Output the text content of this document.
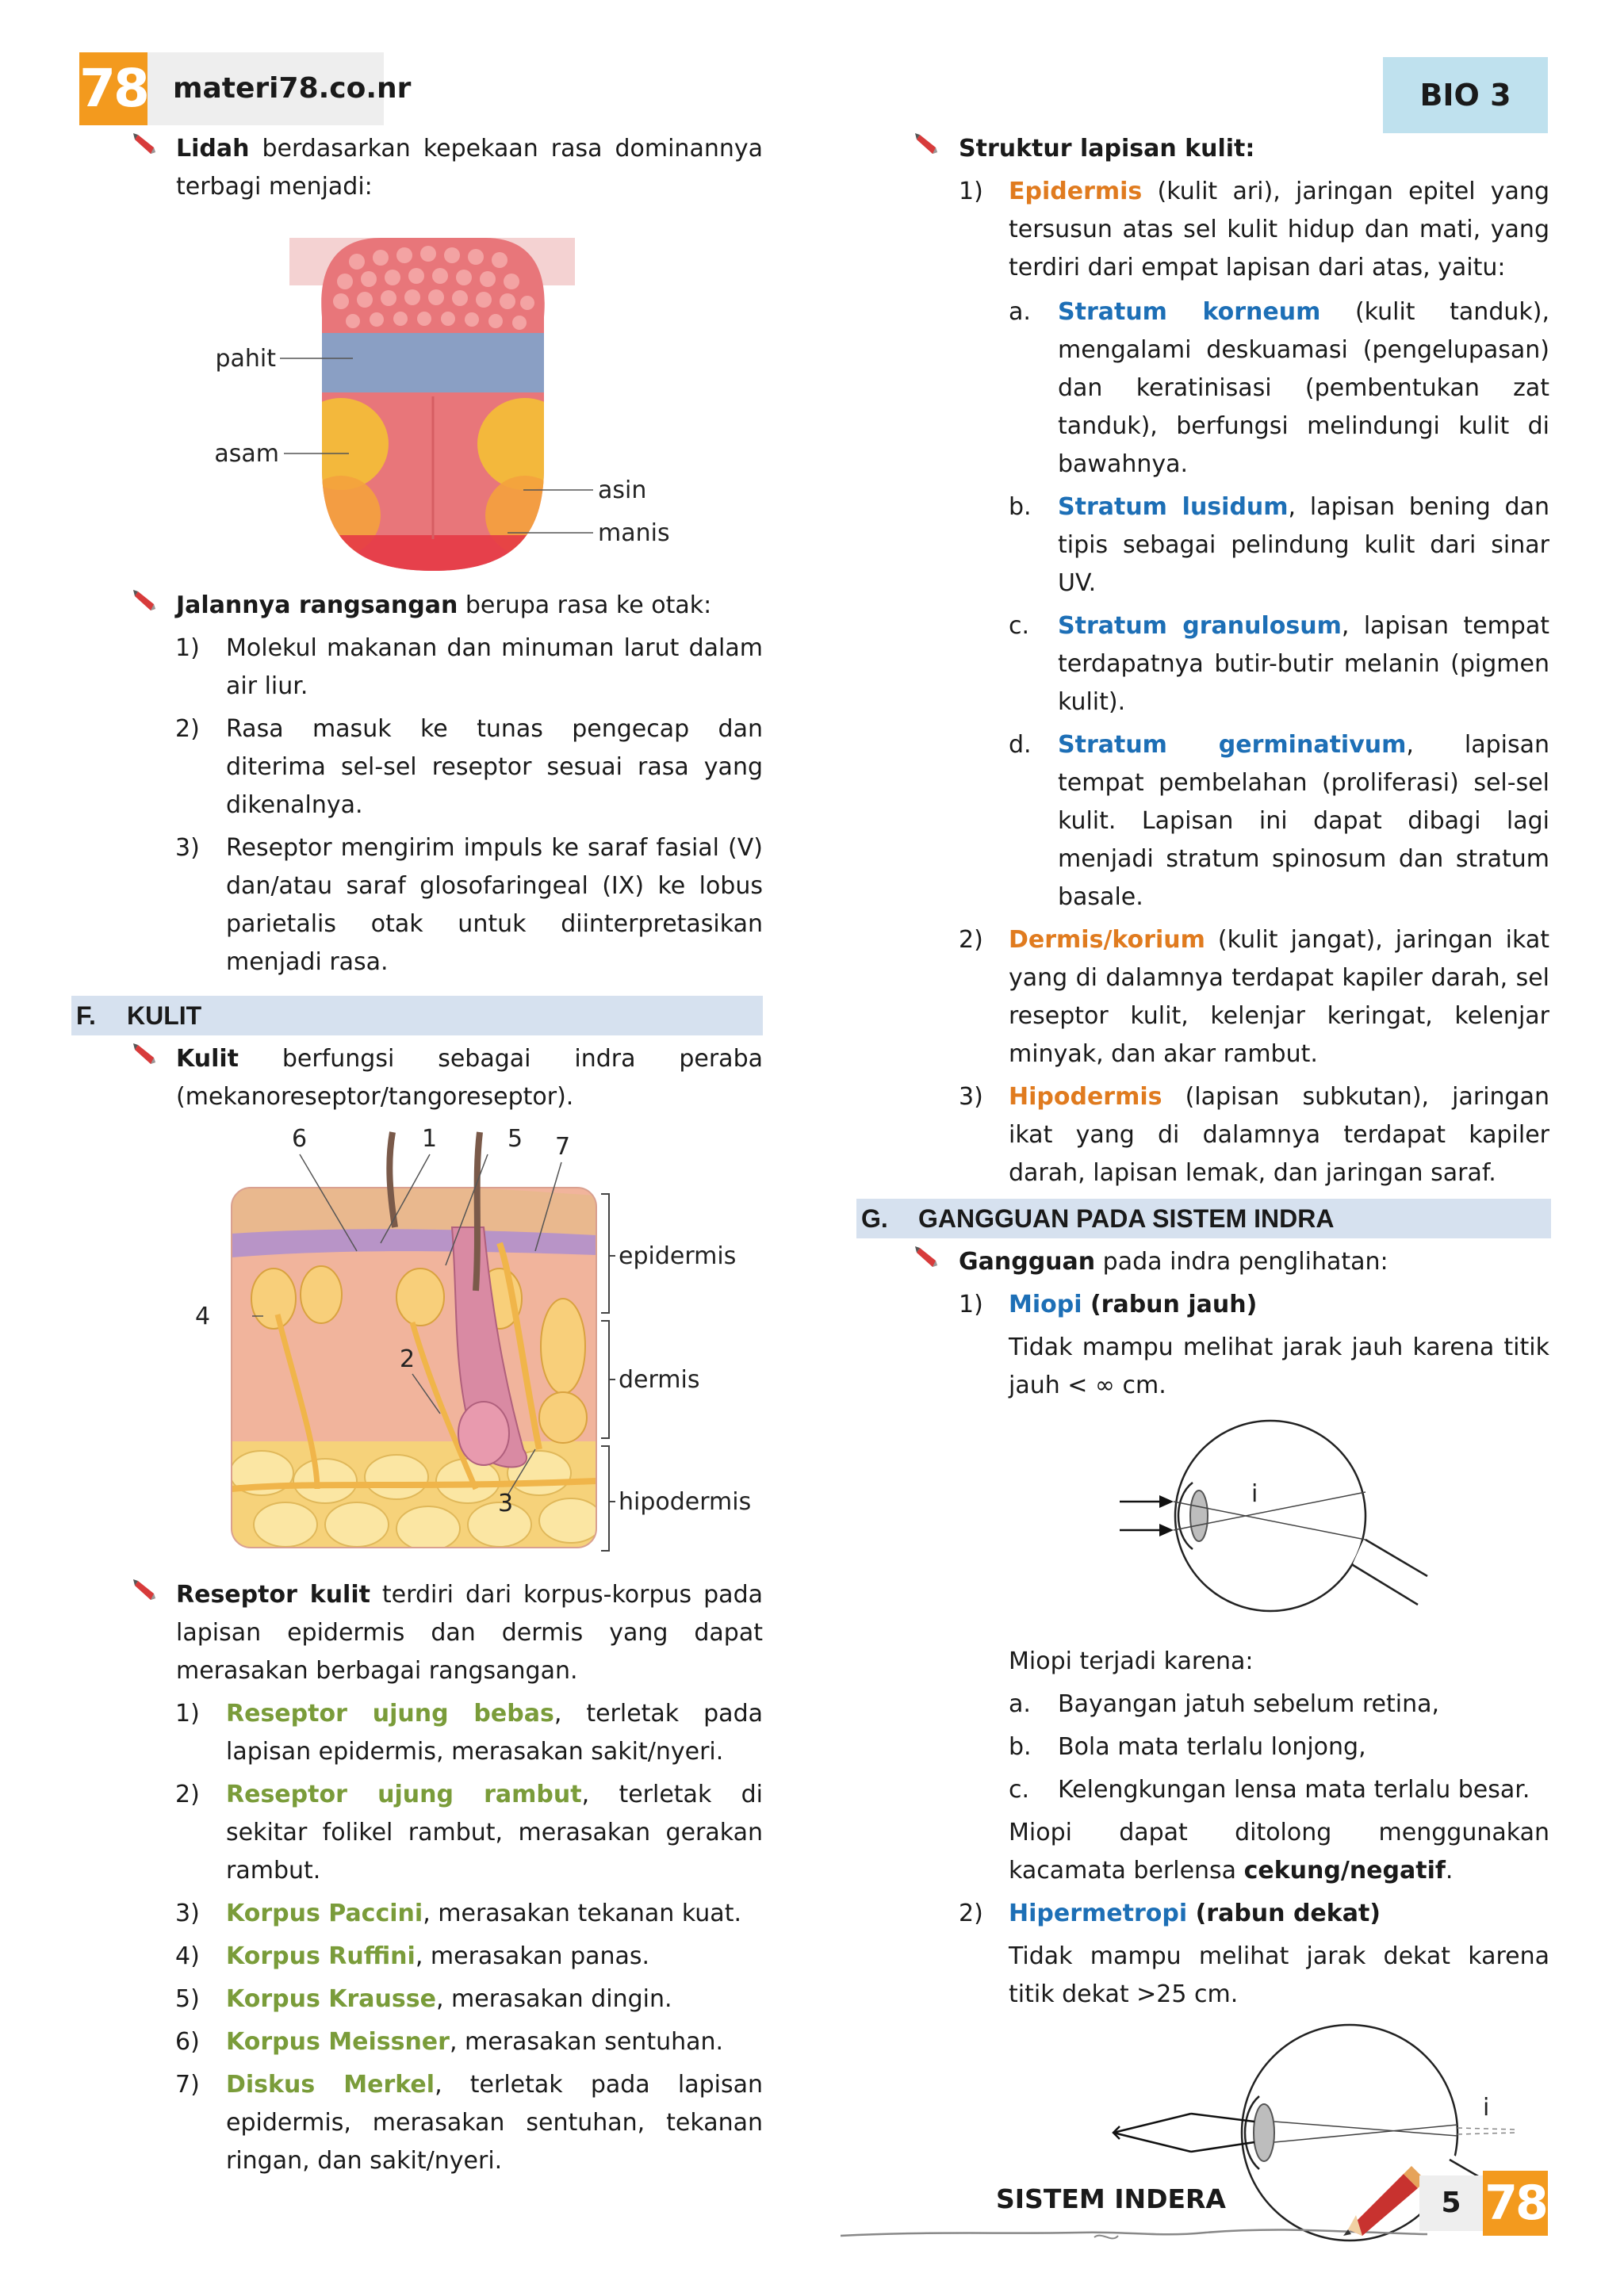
78 materi78.co.nr	BIO 3
Lidah berdasarkan kepekaan rasa dominannya terbagi menjadi:
pahit
asam
asin
manis
Jalannya rangsangan berupa rasa ke otak:
1) Molekul makanan dan minuman larut dalam air liur.
2) Rasa masuk ke tunas pengecap dan diterima sel-sel reseptor sesuai rasa yang dikenalnya.
3) Reseptor mengirim impuls ke saraf fasial (V) dan/atau saraf glosofaringeal (IX) ke lobus parietalis otak untuk diinterpretasikan menjadi rasa.
F. KULIT
Kulit berfungsi sebagai indra peraba (mekanoreseptor/tangoreseptor).
6	1	5 7
4
2
3
epidermis
dermis
hipodermis
Reseptor kulit terdiri dari korpus-korpus pada lapisan epidermis dan dermis yang dapat merasakan berbagai rangsangan.
1) Reseptor ujung bebas, terletak pada lapisan epidermis, merasakan sakit/nyeri.
2) Reseptor ujung rambut, terletak di sekitar folikel rambut, merasakan gerakan rambut.
3) Korpus Paccini, merasakan tekanan kuat.
4) Korpus Ruffini, merasakan panas.
5) Korpus Krausse, merasakan dingin.
6) Korpus Meissner, merasakan sentuhan.
7) Diskus Merkel, terletak pada lapisan epidermis, merasakan sentuhan, tekanan ringan, dan sakit/nyeri.
Struktur lapisan kulit:
1) Epidermis (kulit ari), jaringan epitel yang tersusun atas sel kulit hidup dan mati, yang terdiri dari empat lapisan dari atas, yaitu:
a. Stratum korneum (kulit tanduk), mengalami deskuamasi (pengelupasan) dan keratinisasi (pembentukan zat tanduk), berfungsi melindungi kulit di bawahnya.
b. Stratum lusidum, lapisan bening dan tipis sebagai pelindung kulit dari sinar UV.
c. Stratum granulosum, lapisan tempat terdapatnya butir-butir melanin (pigmen kulit).
d. Stratum germinativum, lapisan tempat pembelahan (proliferasi) sel-sel kulit. Lapisan ini dapat dibagi lagi menjadi stratum spinosum dan stratum basale.
2) Dermis/korium (kulit jangat), jaringan ikat yang di dalamnya terdapat kapiler darah, sel reseptor kulit, kelenjar keringat, kelenjar minyak, dan akar rambut.
3) Hipodermis (lapisan subkutan), jaringan ikat yang di dalamnya terdapat kapiler darah, lapisan lemak, dan jaringan saraf.
G. GANGGUAN PADA SISTEM INDRA
Gangguan pada indra penglihatan:
1) Miopi (rabun jauh)
Tidak mampu melihat jarak jauh karena titik jauh < ∞ cm.
i
Miopi terjadi karena:
a. Bayangan jatuh sebelum retina,
b. Bola mata terlalu lonjong,
c. Kelengkungan lensa mata terlalu besar.
Miopi dapat ditolong menggunakan kacamata berlensa cekung/negatif.
2) Hipermetropi (rabun dekat)
Tidak mampu melihat jarak dekat karena titik dekat >25 cm.
i
SISTEM INDERA	5 78
